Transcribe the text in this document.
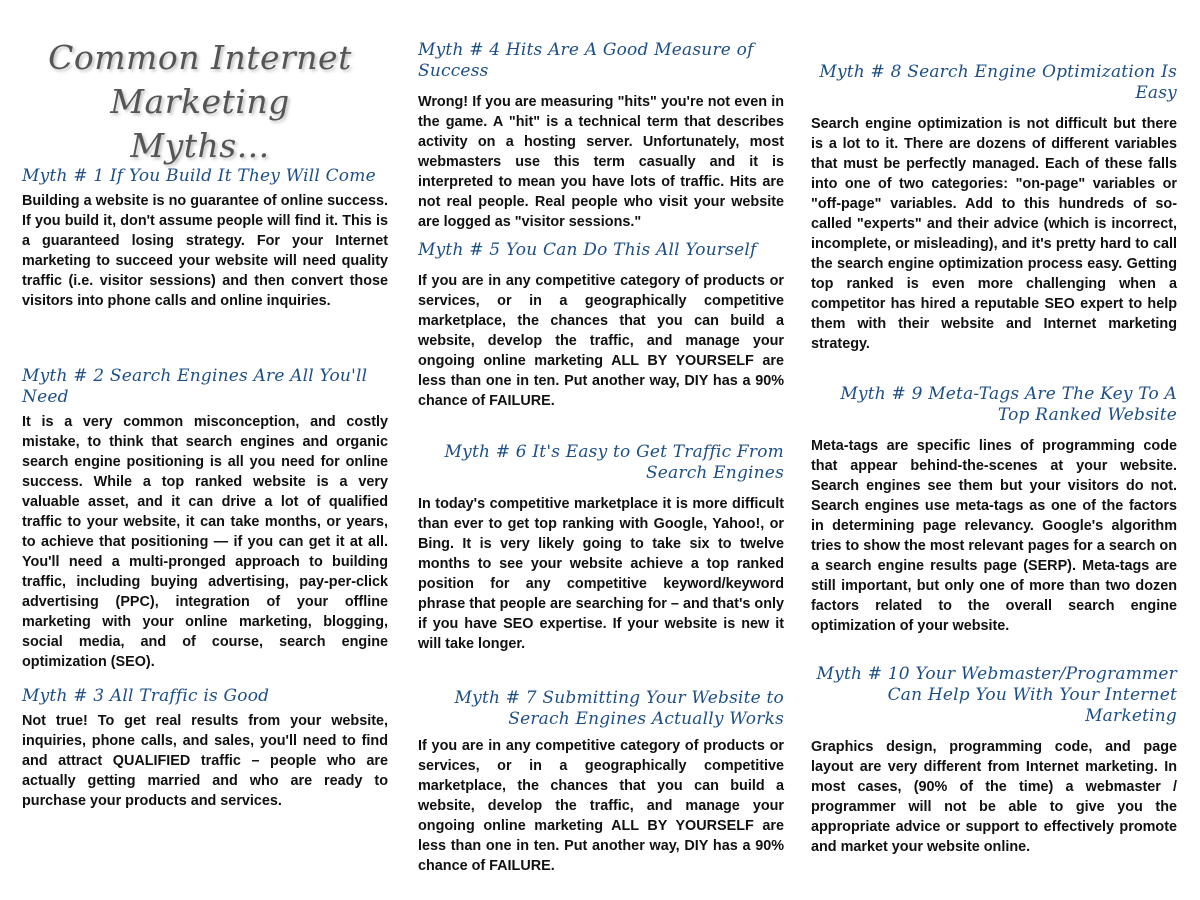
Common Internet
Marketing Myths...
Myth # 1 If You Build It They Will Come

Building a website is no guarantee of online success. If you build it, don't assume people will find it. This is a guaranteed losing strategy. For your Internet marketing to succeed your website will need quality traffic (i.e. visitor sessions) and then convert those visitors into phone calls and online inquiries.

Myth # 2 Search Engines Are All You'll Need

It is a very common misconception, and costly mistake, to think that search engines and organic search engine positioning is all you need for online success. While a top ranked website is a very valuable asset, and it can drive a lot of qualified traffic to your website, it can take months, or years, to achieve that positioning — if you can get it at all. You'll need a multi-pronged approach to building traffic, including buying advertising, pay-per-click advertising (PPC), integration of your offline marketing with your online marketing, blogging, social media, and of course, search engine optimization (SEO).

Myth # 3 All Traffic is Good

Not true! To get real results from your website, inquiries, phone calls, and sales, you'll need to find and attract QUALIFIED traffic – people who are actually getting married and who are ready to purchase your products and services.

Myth # 4 Hits Are A Good Measure of Success

Wrong! If you are measuring "hits" you're not even in the game. A "hit" is a technical term that describes activity on a hosting server. Unfortunately, most webmasters use this term casually and it is interpreted to mean you have lots of traffic. Hits are not real people. Real people who visit your website are logged as "visitor sessions."

Myth # 5 You Can Do This All Yourself

If you are in any competitive category of products or services, or in a geographically competitive marketplace, the chances that you can build a website, develop the traffic, and manage your ongoing online marketing ALL BY YOURSELF are less than one in ten. Put another way, DIY has a 90% chance of FAILURE.

Myth # 6 It's Easy to Get Traffic From Search Engines

In today's competitive marketplace it is more difficult than ever to get top ranking with Google, Yahoo!, or Bing. It is very likely going to take six to twelve months to see your website achieve a top ranked position for any competitive keyword/keyword phrase that people are searching for – and that's only if you have SEO expertise. If your website is new it will take longer.

Myth # 7 Submitting Your Website to Serach Engines Actually Works

If you are in any competitive category of products or services, or in a geographically competitive marketplace, the chances that you can build a website, develop the traffic, and manage your ongoing online marketing ALL BY YOURSELF are less than one in ten. Put another way, DIY has a 90% chance of FAILURE.

Myth # 8 Search Engine Optimization Is Easy

Search engine optimization is not difficult but there is a lot to it. There are dozens of different variables that must be perfectly managed. Each of these falls into one of two categories: "on-page" variables or "off-page" variables. Add to this hundreds of so-called "experts" and their advice (which is incorrect, incomplete, or misleading), and it's pretty hard to call the search engine optimization process easy. Getting top ranked is even more challenging when a competitor has hired a reputable SEO expert to help them with their website and Internet marketing strategy.

Myth # 9 Meta-Tags Are The Key To A Top Ranked Website

Meta-tags are specific lines of programming code that appear behind-the-scenes at your website. Search engines see them but your visitors do not. Search engines use meta-tags as one of the factors in determining page relevancy. Google's algorithm tries to show the most relevant pages for a search on a search engine results page (SERP). Meta-tags are still important, but only one of more than two dozen factors related to the overall search engine optimization of your website.

Myth # 10 Your Webmaster/Programmer Can Help You With Your Internet Marketing

Graphics design, programming code, and page layout are very different from Internet marketing. In most cases, (90% of the time) a webmaster / programmer will not be able to give you the appropriate advice or support to effectively promote and market your website online.
